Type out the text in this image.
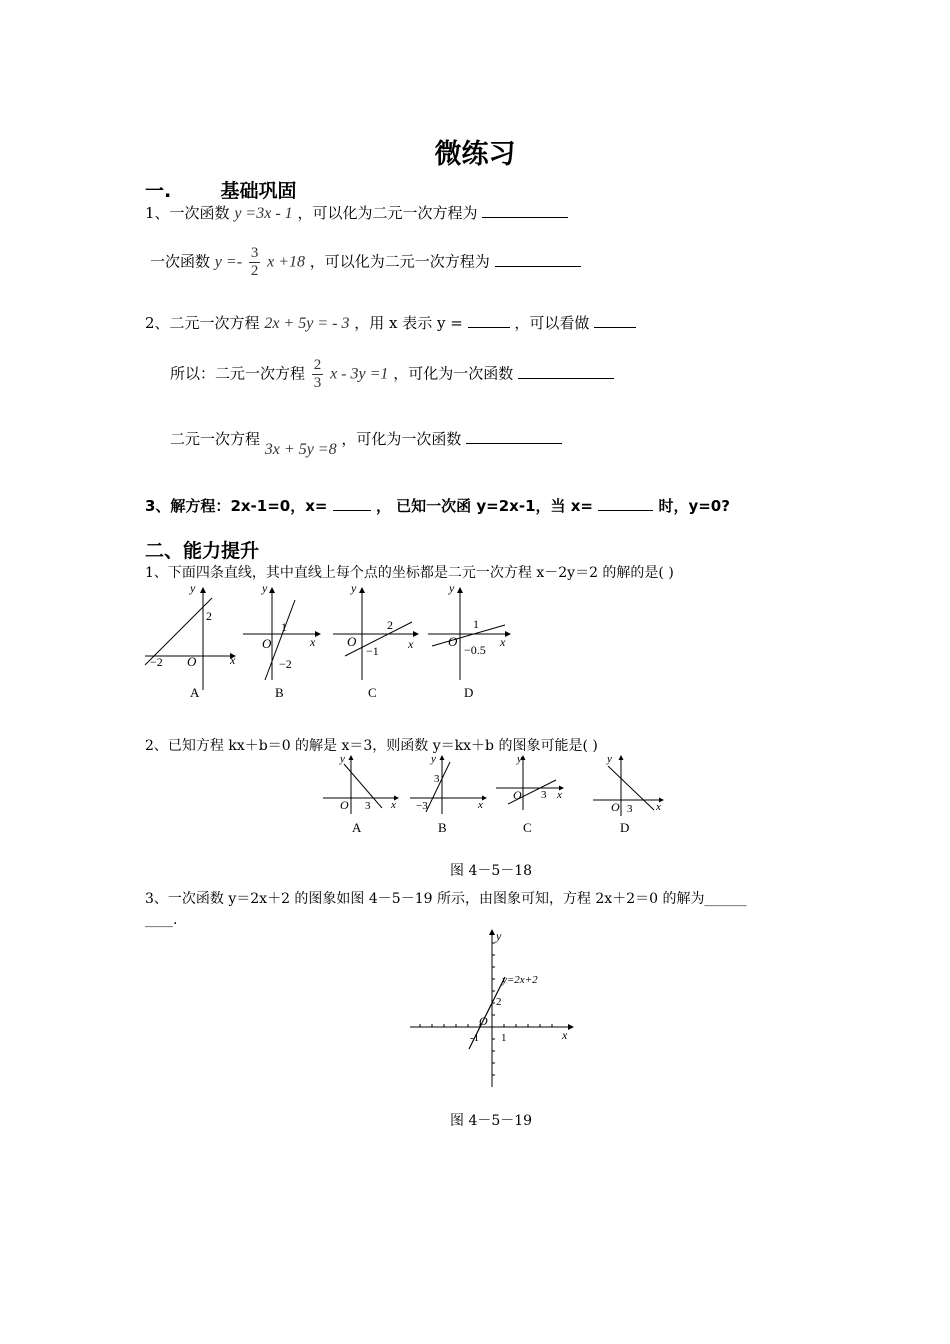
微练习
一.	基础巩固
1、一次函数 y =3x - 1 ，可以化为二元一次方程为
一次函数 $y =- \frac{3}{2}$ x +18 ，可以化为二元一次方程为
2、二元一次方程 2x + 5y = - 3 ，用 x 表示 y =	，可以看做
所以：二元一次方程 $\frac{2}{3}$ x - 3y =1 ，可化为一次函数
二元一次方程 3x + 5y =8 ，可化为一次函数
3、解方程：2x-1=0，x=	， 已知一次函 y=2x-1，当 x=	时，y=0?
二、能力提升
1、下面四条直线，其中直线上每个点的坐标都是二元一次方程 x－2y＝2 的解的是( )
y
x
O
2
−2
A
y
x
O
1
−2
B
y
x
O
2
−1
C
y
x
O
1
−0.5
D
2、已知方程 kx＋b＝0 的解是 x＝3，则函数 y＝kx＋b 的图象可能是( )
y
x
O 3
A
y
x
3
−3
B
y
x
O 3
C
y
x
O 3
D
图 4－5－18
3、一次函数 y＝2x＋2 的图象如图 4－5－19 所示，由图象可知，方程 2x＋2＝0 的解为______
____.
y
x
O
y=2x+2
2
-1 1
图 4－5－19
